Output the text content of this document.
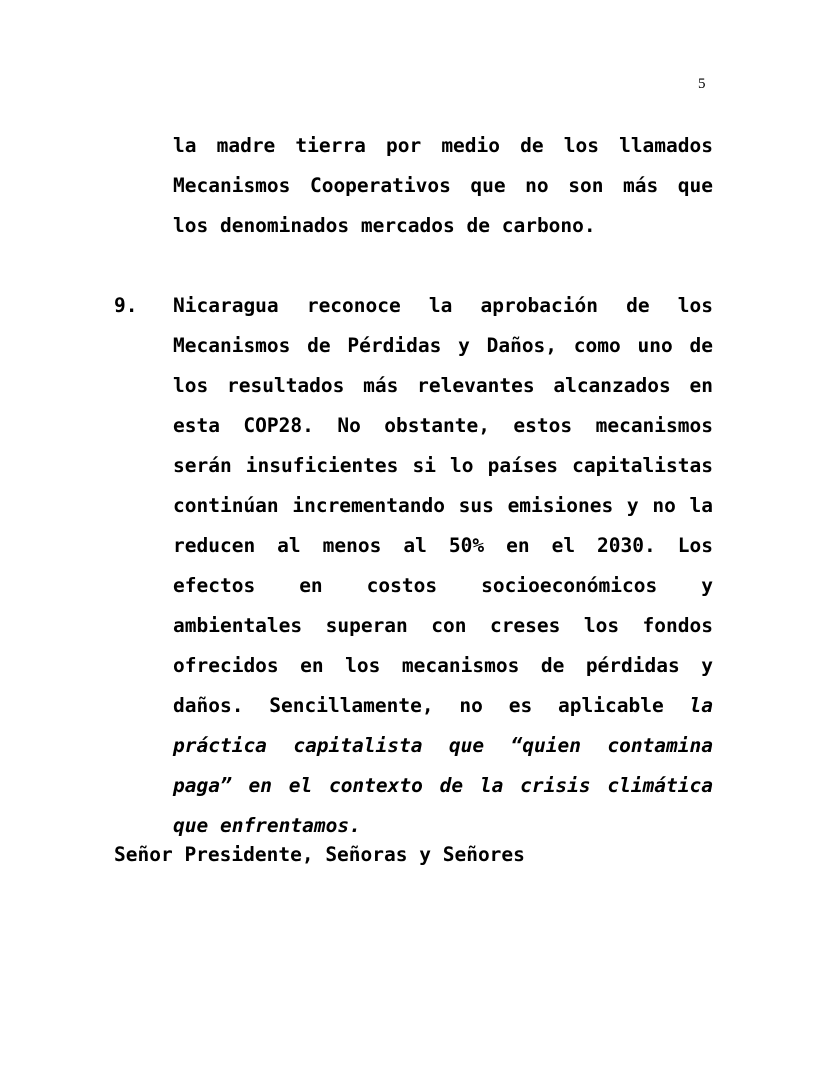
5

la madre tierra por medio de los llamados Mecanismos Cooperativos que no son más que los denominados mercados de carbono.

9. Nicaragua reconoce la aprobación de los Mecanismos de Pérdidas y Daños, como uno de los resultados más relevantes alcanzados en esta COP28. No obstante, estos mecanismos serán insuficientes si lo países capitalistas continúan incrementando sus emisiones y no la reducen al menos al 50% en el 2030. Los efectos en costos socioeconómicos y ambientales superan con creses los fondos ofrecidos en los mecanismos de pérdidas y daños. Sencillamente, no es aplicable la práctica capitalista que “quien contamina paga” en el contexto de la crisis climática que enfrentamos.

Señor Presidente, Señoras y Señores
